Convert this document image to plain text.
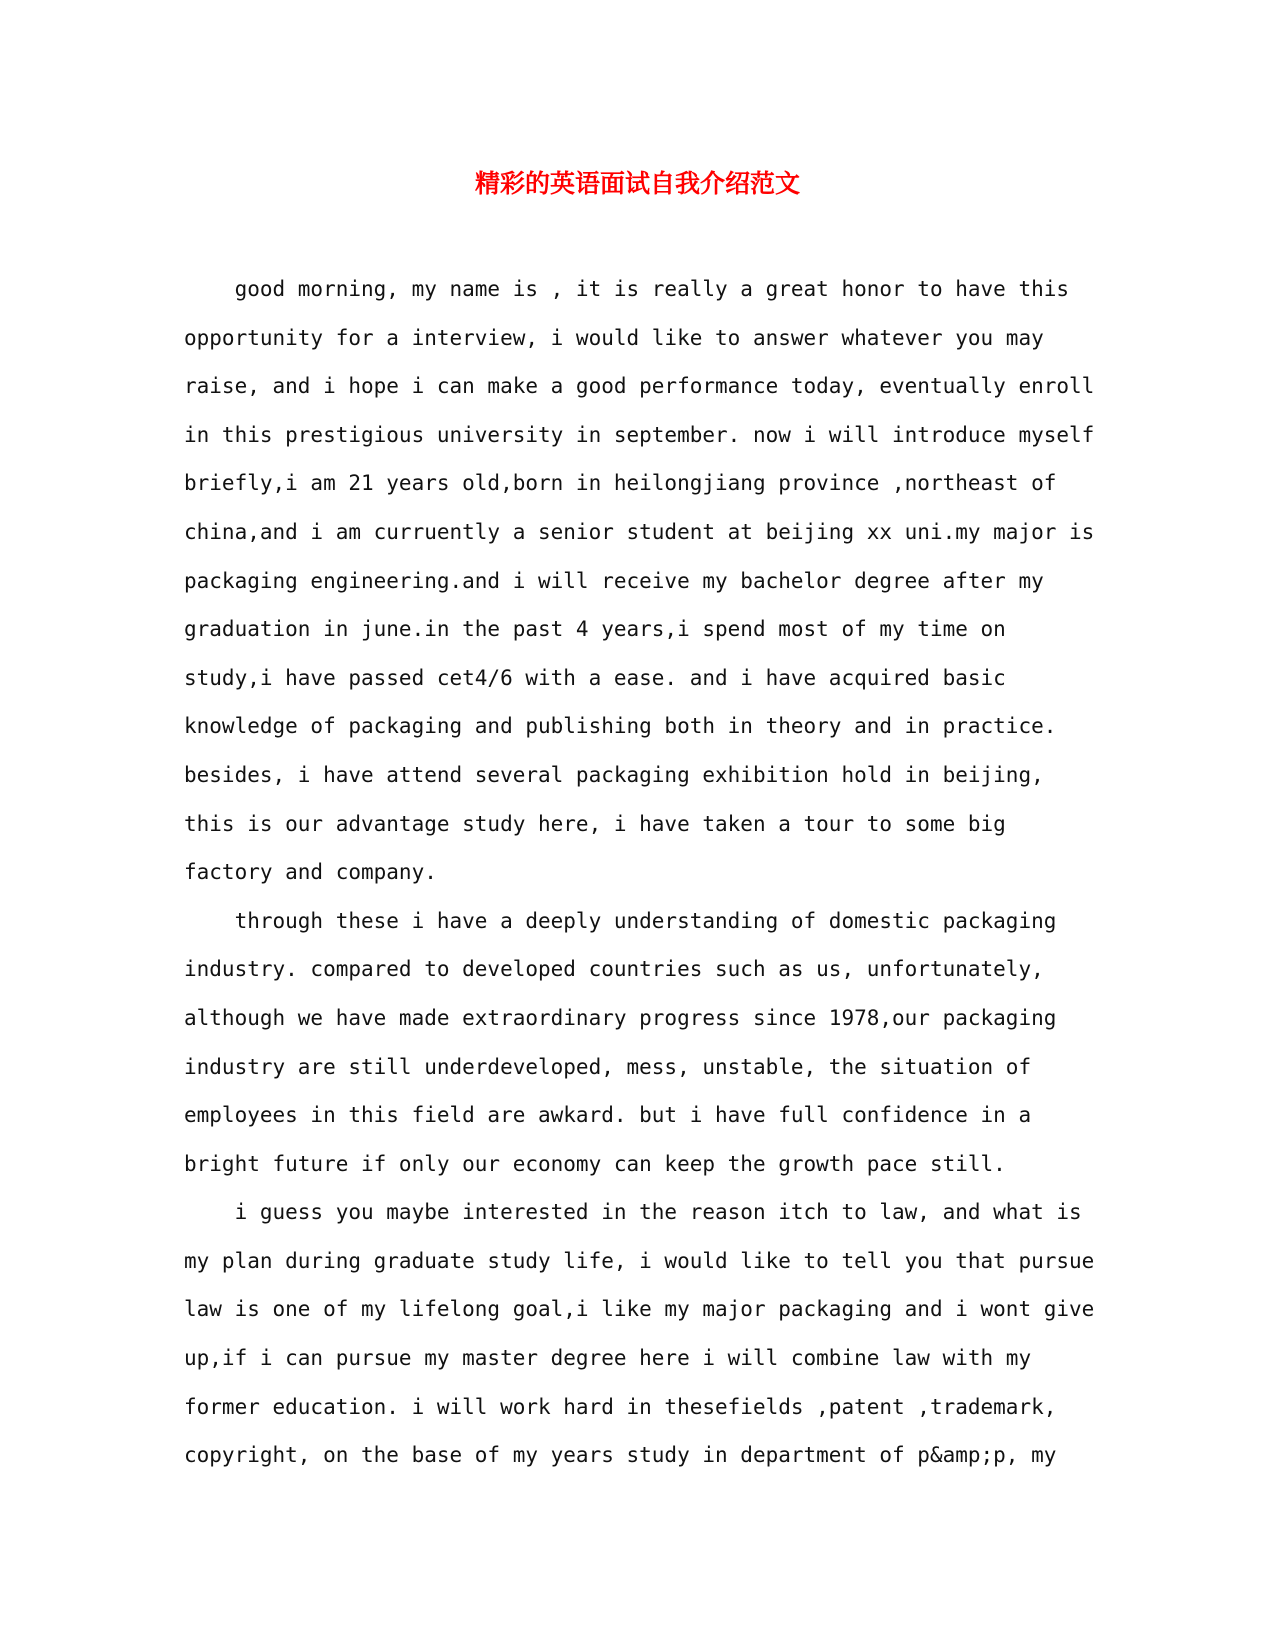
精彩的英语面试自我介绍范文
good morning, my name is , it is really a great honor to have this
opportunity for a interview, i would like to answer whatever you may
raise, and i hope i can make a good performance today, eventually enroll
in this prestigious university in september. now i will introduce myself
briefly,i am 21 years old,born in heilongjiang province ,northeast of
china,and i am curruently a senior student at beijing xx uni.my major is
packaging engineering.and i will receive my bachelor degree after my
graduation in june.in the past 4 years,i spend most of my time on
study,i have passed cet4/6 with a ease. and i have acquired basic
knowledge of packaging and publishing both in theory and in practice.
besides, i have attend several packaging exhibition hold in beijing,
this is our advantage study here, i have taken a tour to some big
factory and company.
through these i have a deeply understanding of domestic packaging
industry. compared to developed countries such as us, unfortunately,
although we have made extraordinary progress since 1978,our packaging
industry are still underdeveloped, mess, unstable, the situation of
employees in this field are awkard. but i have full confidence in a
bright future if only our economy can keep the growth pace still.
i guess you maybe interested in the reason itch to law, and what is
my plan during graduate study life, i would like to tell you that pursue
law is one of my lifelong goal,i like my major packaging and i wont give
up,if i can pursue my master degree here i will combine law with my
former education. i will work hard in thesefields ,patent ,trademark,
copyright, on the base of my years study in department of p&amp;p, my
